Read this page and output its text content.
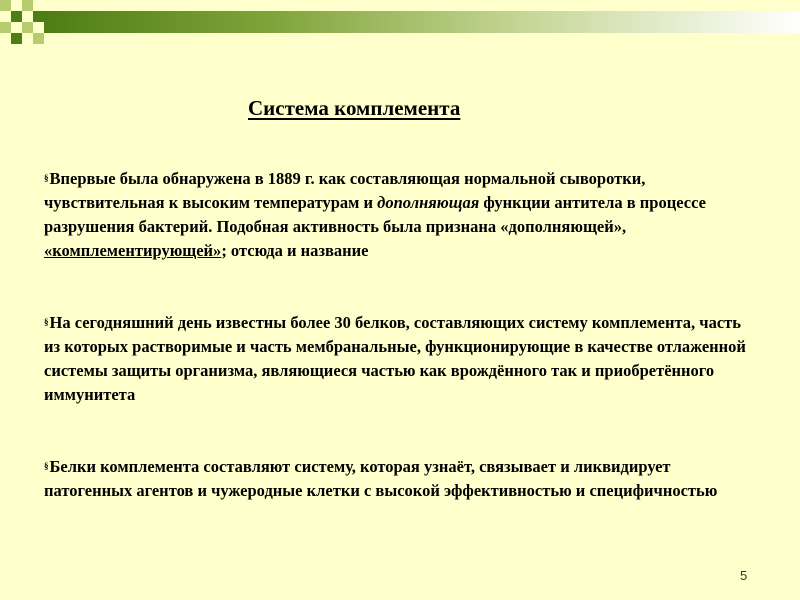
Система комплемента
§Впервые была обнаружена в 1889 г. как составляющая нормальной сыворотки, чувствительная к высоким температурам и дополняющая функции антитела в процессе разрушения бактерий. Подобная активность была признана «дополняющей», «комплементирующей»; отсюда и название
§На сегодняшний день известны более 30 белков, составляющих систему комплемента, часть из которых растворимые и часть мембранальные, функционирующие в качестве отлаженной системы защиты организма, являющиеся частью как врождённого так и приобретённого иммунитета
§Белки комплемента составляют систему, которая узнаёт, связывает и ликвидирует патогенных агентов и чужеродные клетки с высокой эффективностью и специфичностью
5
